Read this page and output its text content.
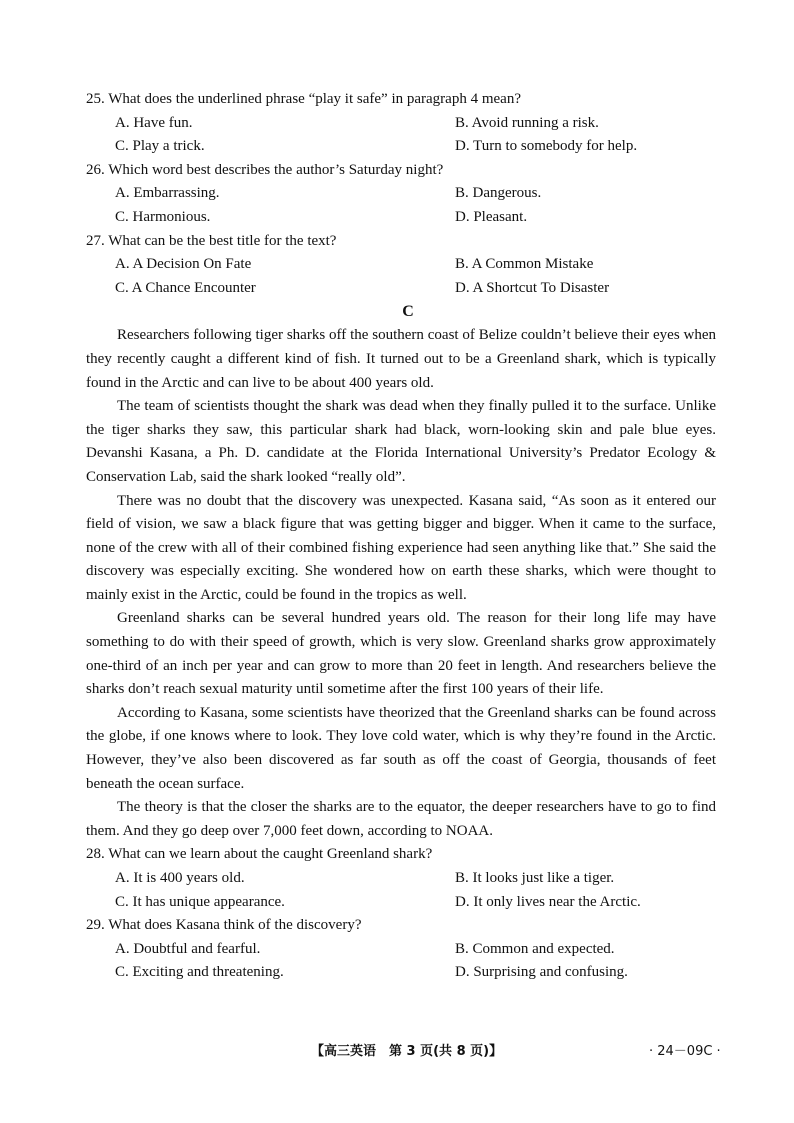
25. What does the underlined phrase “play it safe” in paragraph 4 mean?
A. Have fun.	B. Avoid running a risk.
C. Play a trick.	D. Turn to somebody for help.
26. Which word best describes the author’s Saturday night?
A. Embarrassing.	B. Dangerous.
C. Harmonious.	D. Pleasant.
27. What can be the best title for the text?
A. A Decision On Fate	B. A Common Mistake
C. A Chance Encounter	D. A Shortcut To Disaster
C

Researchers following tiger sharks off the southern coast of Belize couldn’t believe their eyes when they recently caught a different kind of fish. It turned out to be a Greenland shark, which is typically found in the Arctic and can live to be about 400 years old.

The team of scientists thought the shark was dead when they finally pulled it to the surface. Unlike the tiger sharks they saw, this particular shark had black, worn-looking skin and pale blue eyes. Devanshi Kasana, a Ph. D. candidate at the Florida International University’s Predator Ecology & Conservation Lab, said the shark looked “really old”.

There was no doubt that the discovery was unexpected. Kasana said, “As soon as it entered our field of vision, we saw a black figure that was getting bigger and bigger. When it came to the surface, none of the crew with all of their combined fishing experience had seen anything like that.” She said the discovery was especially exciting. She wondered how on earth these sharks, which were thought to mainly exist in the Arctic, could be found in the tropics as well.

Greenland sharks can be several hundred years old. The reason for their long life may have something to do with their speed of growth, which is very slow. Greenland sharks grow approximately one-third of an inch per year and can grow to more than 20 feet in length. And researchers believe the sharks don’t reach sexual maturity until sometime after the first 100 years of their life.

According to Kasana, some scientists have theorized that the Greenland sharks can be found across the globe, if one knows where to look. They love cold water, which is why they’re found in the Arctic. However, they’ve also been discovered as far south as off the coast of Georgia, thousands of feet beneath the ocean surface.

The theory is that the closer the sharks are to the equator, the deeper researchers have to go to find them. And they go deep over 7,000 feet down, according to NOAA.

28. What can we learn about the caught Greenland shark?
A. It is 400 years old.	B. It looks just like a tiger.
C. It has unique appearance.	D. It only lives near the Arctic.
29. What does Kasana think of the discovery?
A. Doubtful and fearful.	B. Common and expected.
C. Exciting and threatening.	D. Surprising and confusing.
【高三英语　第 3 页(共 8 页)】	· 24－09C ·
